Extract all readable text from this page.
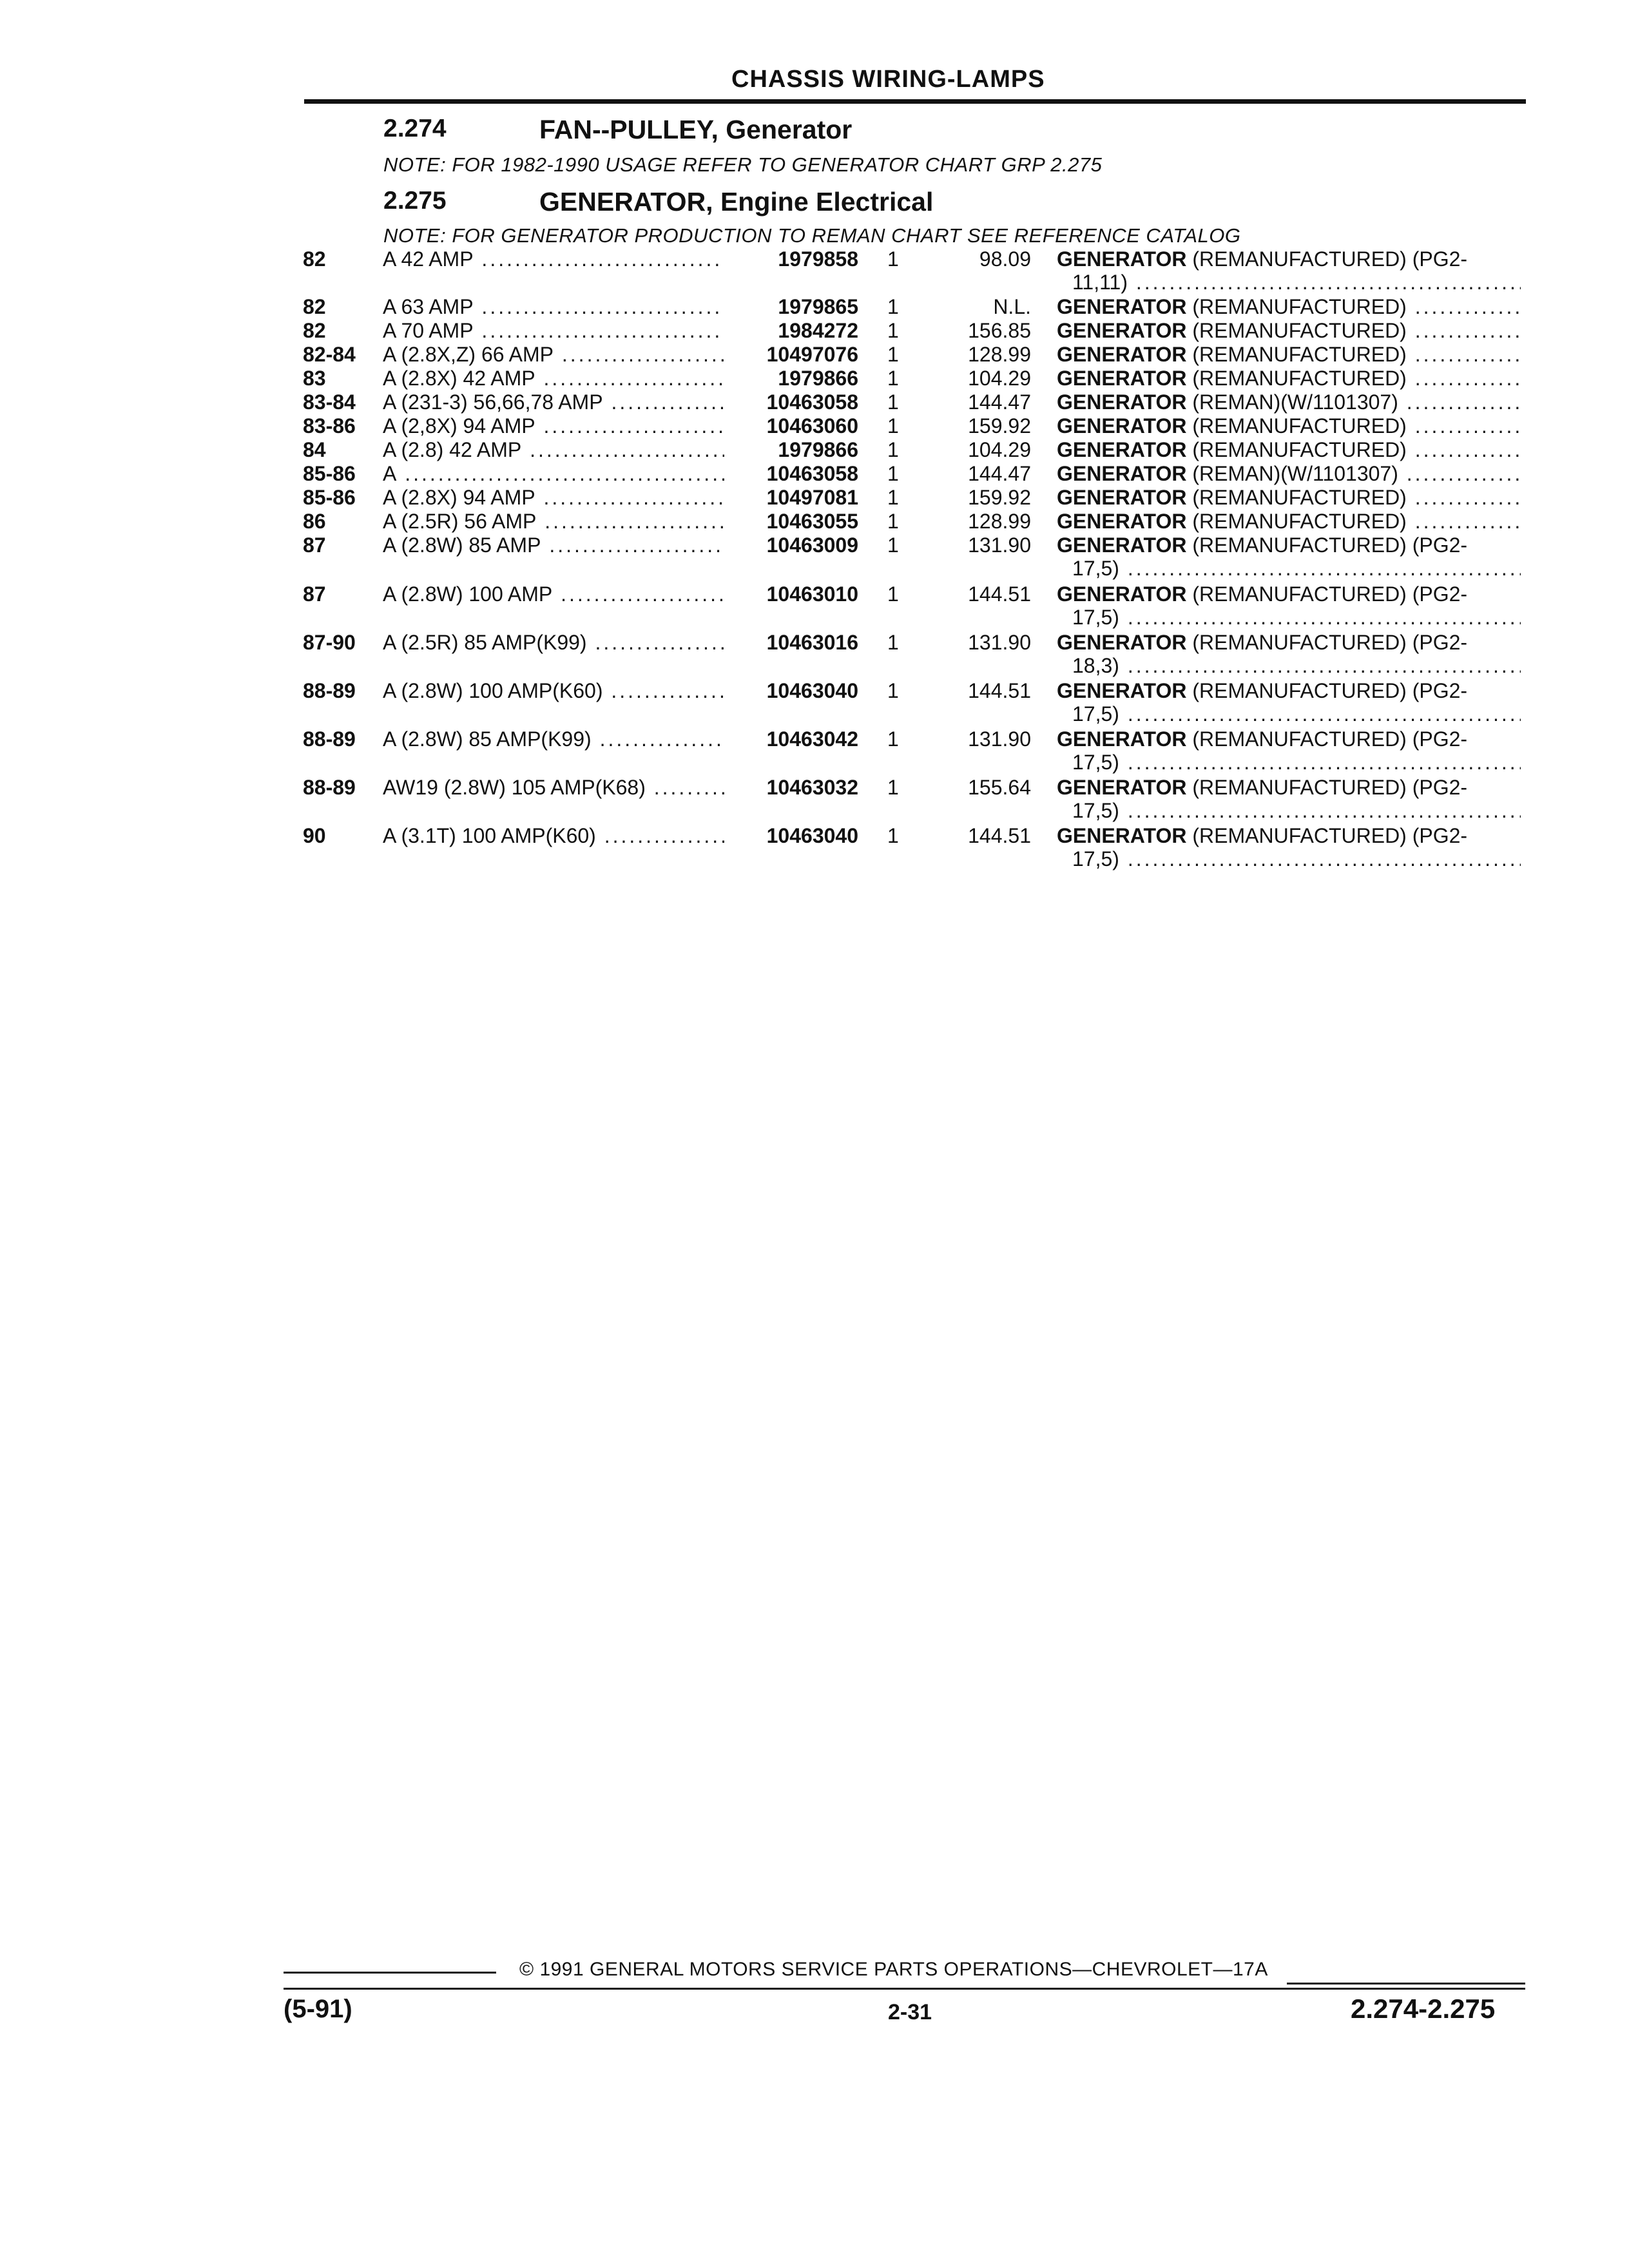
CHASSIS WIRING-LAMPS
2.274	FAN--PULLEY, Generator
NOTE: FOR 1982-1990 USAGE REFER TO GENERATOR CHART GRP 2.275
2.275	GENERATOR, Engine Electrical
NOTE: FOR GENERATOR PRODUCTION TO REMAN CHART SEE REFERENCE CATALOG
82	A 42 AMP .....	1979858 1	98.09 GENERATOR (REMANUFACTURED) (PG2-
11,11) .....
82	A 63 AMP .....	1979865 1	N.L. GENERATOR (REMANUFACTURED) .....
82	A 70 AMP .....	1984272 1	156.85 GENERATOR (REMANUFACTURED) .....
82-84 A (2.8X,Z) 66 AMP .....	10497076 1	128.99 GENERATOR (REMANUFACTURED) .....
83	A (2.8X) 42 AMP .....	1979866 1	104.29 GENERATOR (REMANUFACTURED) .....
83-84 A (231-3) 56,66,78 AMP .....	10463058 1	144.47 GENERATOR (REMAN)(W/1101307) .....
83-86 A (2,8X) 94 AMP .....	10463060 1	159.92 GENERATOR (REMANUFACTURED) .....
84	A (2.8) 42 AMP .....	1979866 1	104.29 GENERATOR (REMANUFACTURED) .....
85-86 A .....	10463058 1	144.47 GENERATOR (REMAN)(W/1101307) .....
85-86 A (2.8X) 94 AMP .....	10497081 1	159.92 GENERATOR (REMANUFACTURED) .....
86	A (2.5R) 56 AMP .....	10463055 1	128.99 GENERATOR (REMANUFACTURED) .....
87	A (2.8W) 85 AMP .....	10463009 1	131.90 GENERATOR (REMANUFACTURED) (PG2-
17,5) .....
87	A (2.8W) 100 AMP .....	10463010 1	144.51 GENERATOR (REMANUFACTURED) (PG2-
17,5) .....
87-90 A (2.5R) 85 AMP(K99) .....	10463016 1	131.90 GENERATOR (REMANUFACTURED) (PG2-
18,3) .....
88-89 A (2.8W) 100 AMP(K60) .....	10463040 1	144.51 GENERATOR (REMANUFACTURED) (PG2-
17,5) .....
88-89 A (2.8W) 85 AMP(K99) .....	10463042 1	131.90 GENERATOR (REMANUFACTURED) (PG2-
17,5) .....
88-89 AW19 (2.8W) 105 AMP(K68) .....	10463032 1	155.64 GENERATOR (REMANUFACTURED) (PG2-
17,5) .....
90	A (3.1T) 100 AMP(K60) .....	10463040 1	144.51 GENERATOR (REMANUFACTURED) (PG2-
17,5) .....
© 1991 GENERAL MOTORS SERVICE PARTS OPERATIONS—CHEVROLET—17A
(5-91)	2-31	2.274-2.275
